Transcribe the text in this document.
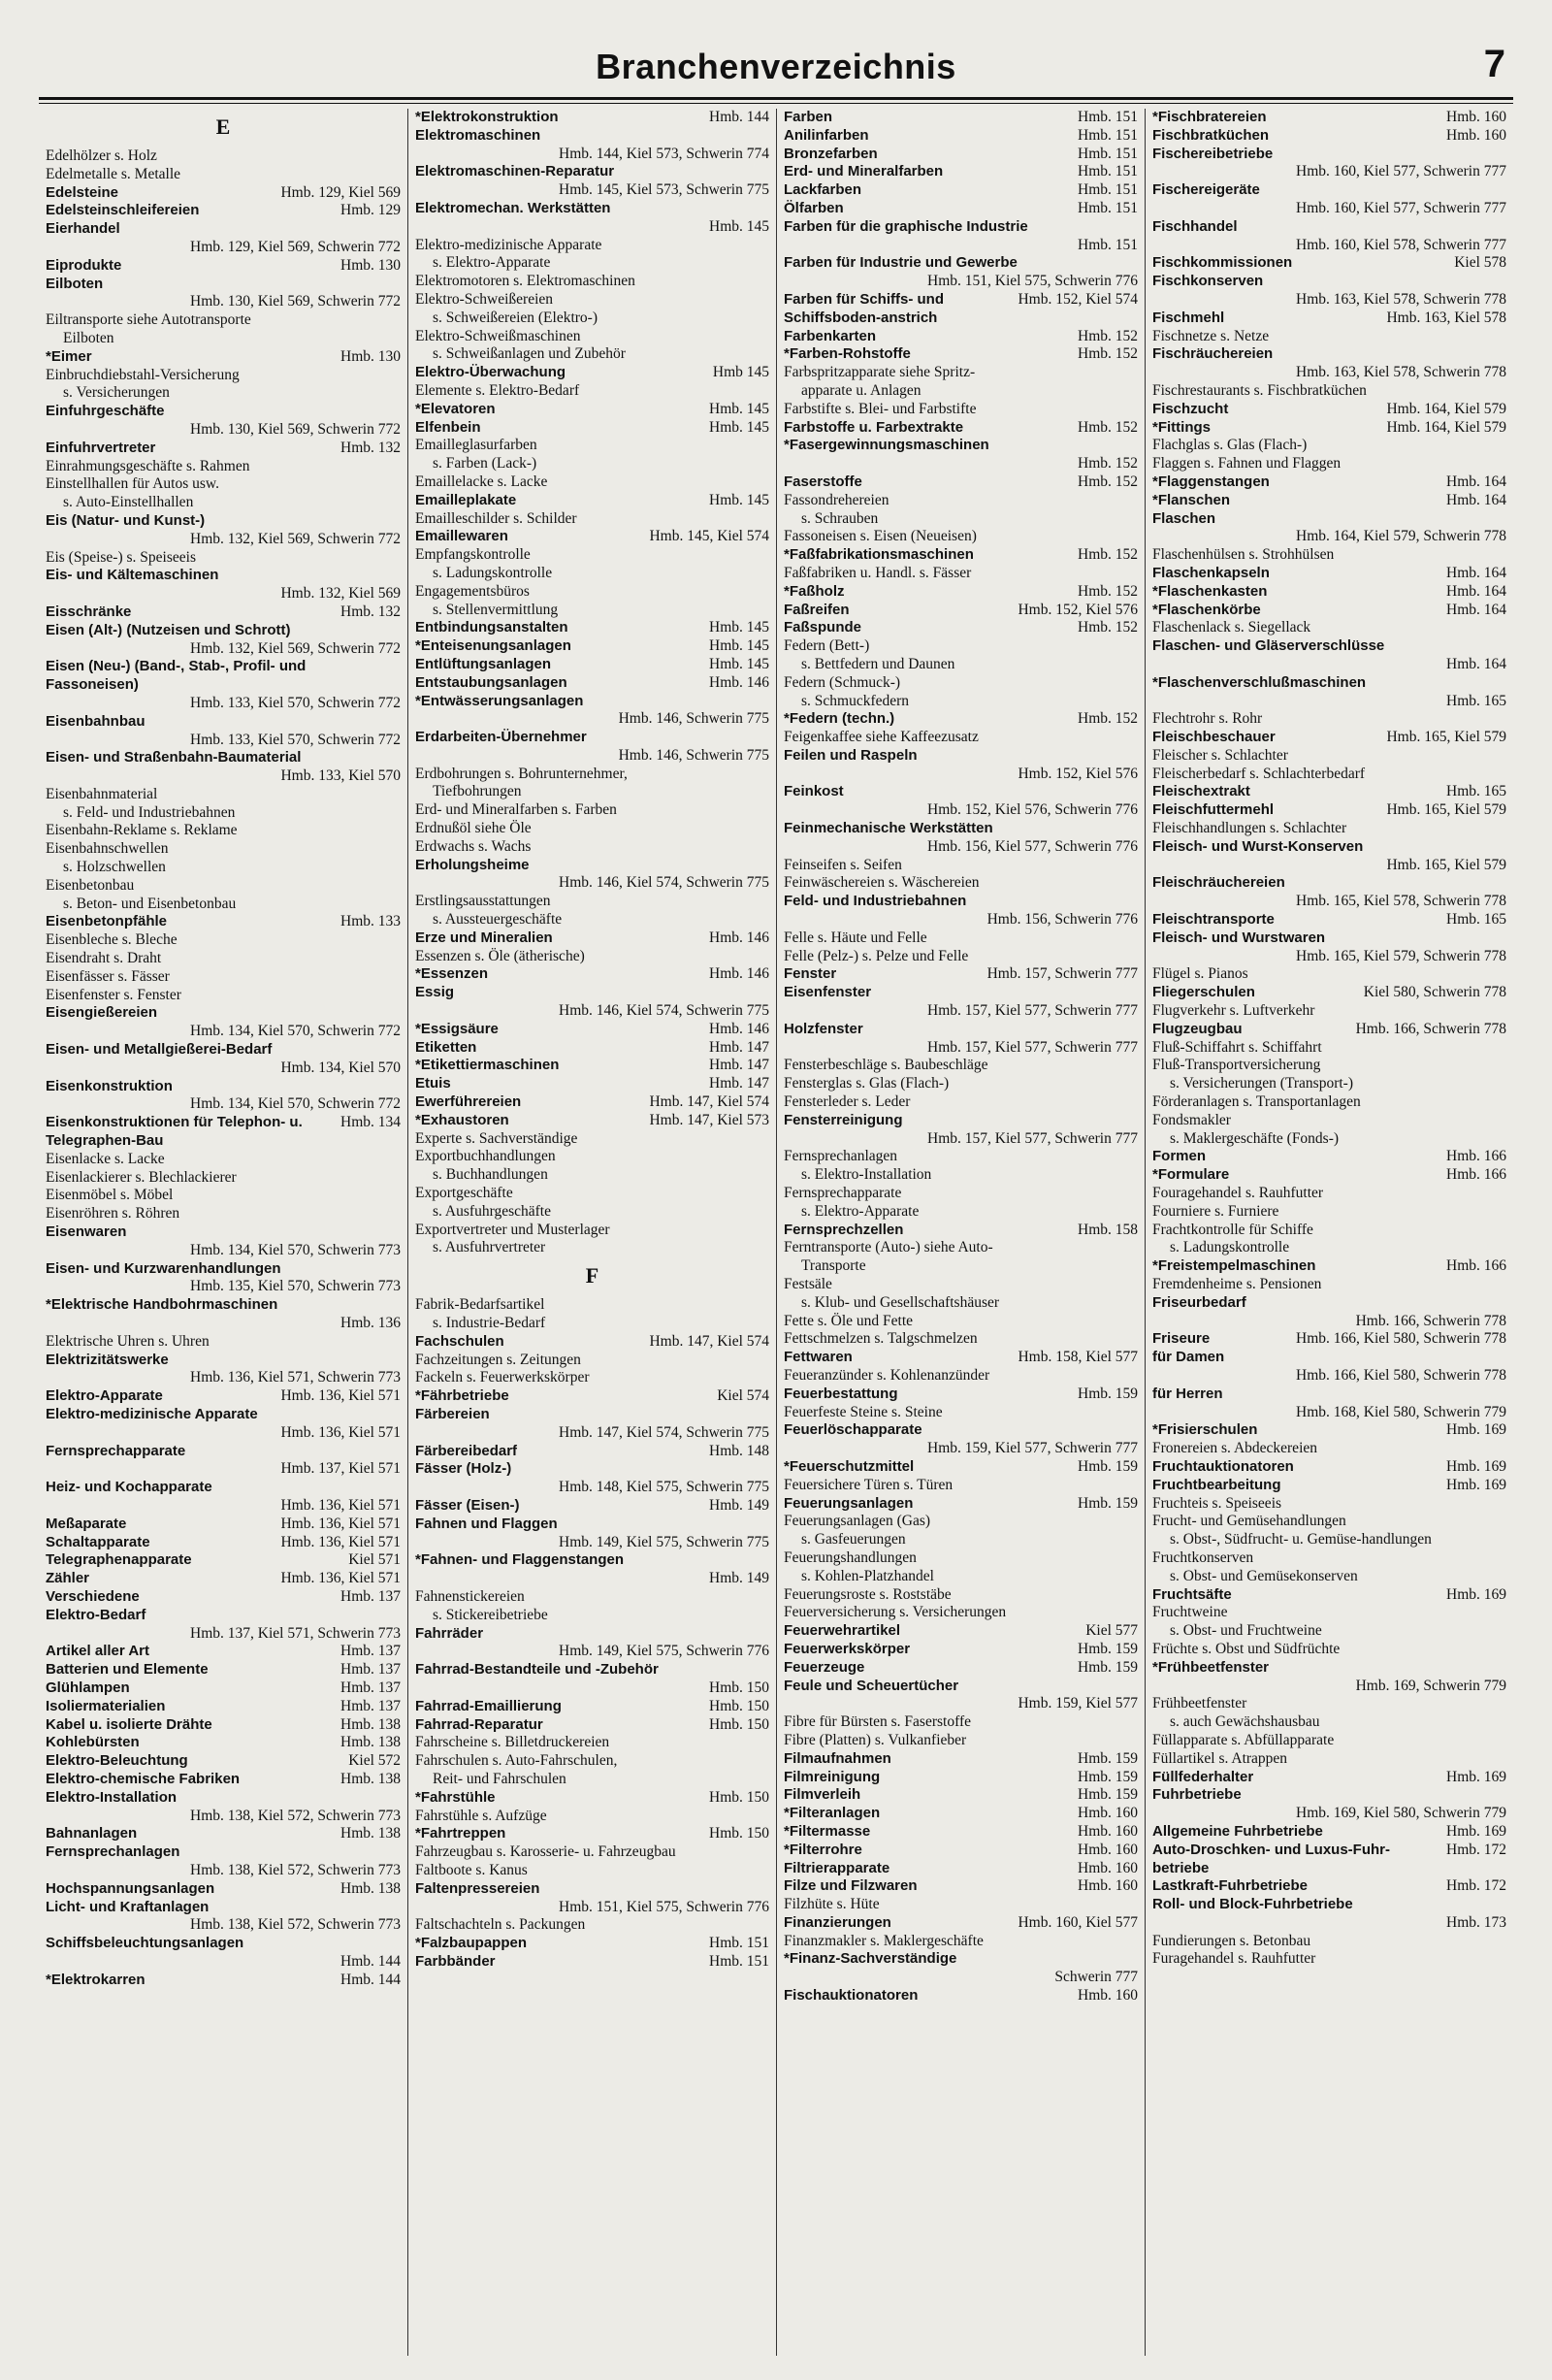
Branchenverzeichnis	7
E
Edelhölzer s. Holz
Edelmetalle s. Metalle
Hmb. 129, Kiel 569
Edelsteine
Hmb. 129
Edelsteinschleifereien
Eierhandel
Hmb. 129, Kiel 569, Schwerin 772
Hmb. 130
Eiprodukte
Eilboten
Hmb. 130, Kiel 569, Schwerin 772
Eiltransporte siehe Autotransporte
Eilboten
Hmb. 130
*Eimer
Einbruchdiebstahl-Versicherung
s. Versicherungen
Einfuhrgeschäfte
Hmb. 130, Kiel 569, Schwerin 772
Hmb. 132
Einfuhrvertreter
Einrahmungsgeschäfte s. Rahmen
Einstellhallen für Autos usw.
s. Auto-Einstellhallen
Eis (Natur- und Kunst-)
Hmb. 132, Kiel 569, Schwerin 772
Eis (Speise-) s. Speiseeis
Eis- und Kältemaschinen
Hmb. 132, Kiel 569
Hmb. 132
Eisschränke
Eisen (Alt-) (Nutzeisen und Schrott)
Hmb. 132, Kiel 569, Schwerin 772
Eisen (Neu-) (Band-, Stab-, Profil- und Fassoneisen)
Hmb. 133, Kiel 570, Schwerin 772
Eisenbahnbau
Hmb. 133, Kiel 570, Schwerin 772
Eisen- und Straßenbahn-Baumaterial
Hmb. 133, Kiel 570
Eisenbahnmaterial
s. Feld- und Industriebahnen
Eisenbahn-Reklame s. Reklame
Eisenbahnschwellen
s. Holzschwellen
Eisenbetonbau
s. Beton- und Eisenbetonbau
Hmb. 133
Eisenbetonpfähle
Eisenbleche s. Bleche
Eisendraht s. Draht
Eisenfässer s. Fässer
Eisenfenster s. Fenster
Eisengießereien
Hmb. 134, Kiel 570, Schwerin 772
Eisen- und Metallgießerei-Bedarf
Hmb. 134, Kiel 570
Eisenkonstruktion
Hmb. 134, Kiel 570, Schwerin 772
Hmb. 134
Eisenkonstruktionen für Telephon- u. Telegraphen-Bau
Eisenlacke s. Lacke
Eisenlackierer s. Blechlackierer
Eisenmöbel s. Möbel
Eisenröhren s. Röhren
Eisenwaren
Hmb. 134, Kiel 570, Schwerin 773
Eisen- und Kurzwarenhandlungen
Hmb. 135, Kiel 570, Schwerin 773
*Elektrische Handbohrmaschinen
Hmb. 136
Elektrische Uhren s. Uhren
Elektrizitätswerke
Hmb. 136, Kiel 571, Schwerin 773
Hmb. 136, Kiel 571
Elektro-Apparate
Elektro-medizinische Apparate
Hmb. 136, Kiel 571
Fernsprechapparate
Hmb. 137, Kiel 571
Heiz- und Kochapparate
Hmb. 136, Kiel 571
Hmb. 136, Kiel 571
Meßaparate
Hmb. 136, Kiel 571
Schaltapparate
Kiel 571
Telegraphenapparate
Hmb. 136, Kiel 571
Zähler
Hmb. 137
Verschiedene
Elektro-Bedarf
Hmb. 137, Kiel 571, Schwerin 773
Hmb. 137
Artikel aller Art
Hmb. 137
Batterien und Elemente
Hmb. 137
Glühlampen
Hmb. 137
Isoliermaterialien
Hmb. 138
Kabel u. isolierte Drähte
Hmb. 138
Kohlebürsten
Kiel 572
Elektro-Beleuchtung
Hmb. 138
Elektro-chemische Fabriken
Elektro-Installation
Hmb. 138, Kiel 572, Schwerin 773
Hmb. 138
Bahnanlagen
Fernsprechanlagen
Hmb. 138, Kiel 572, Schwerin 773
Hmb. 138
Hochspannungsanlagen
Licht- und Kraftanlagen
Hmb. 138, Kiel 572, Schwerin 773
Schiffsbeleuchtungsanlagen
Hmb. 144
Hmb. 144
*Elektrokarren
Hmb. 144
*Elektrokonstruktion
Elektromaschinen
Hmb. 144, Kiel 573, Schwerin 774
Elektromaschinen-Reparatur
Hmb. 145, Kiel 573, Schwerin 775
Elektromechan. Werkstätten
Hmb. 145
Elektro-medizinische Apparate
s. Elektro-Apparate
Elektromotoren s. Elektromaschinen
Elektro-Schweißereien
s. Schweißereien (Elektro-)
Elektro-Schweißmaschinen
s. Schweißanlagen und Zubehör
Hmb 145
Elektro-Überwachung
Elemente s. Elektro-Bedarf
Hmb. 145
*Elevatoren
Hmb. 145
Elfenbein
Emailleglasurfarben
s. Farben (Lack-)
Emaillelacke s. Lacke
Hmb. 145
Emailleplakate
Emailleschilder s. Schilder
Hmb. 145, Kiel 574
Emaillewaren
Empfangskontrolle
s. Ladungskontrolle
Engagementsbüros
s. Stellenvermittlung
Hmb. 145
Entbindungsanstalten
Hmb. 145
*Enteisenungsanlagen
Hmb. 145
Entlüftungsanlagen
Hmb. 146
Entstaubungsanlagen
*Entwässerungsanlagen
Hmb. 146, Schwerin 775
Erdarbeiten-Übernehmer
Hmb. 146, Schwerin 775
Erdbohrungen s. Bohrunternehmer,
Tiefbohrungen
Erd- und Mineralfarben s. Farben
Erdnußöl siehe Öle
Erdwachs s. Wachs
Erholungsheime
Hmb. 146, Kiel 574, Schwerin 775
Erstlingsausstattungen
s. Aussteuergeschäfte
Hmb. 146
Erze und Mineralien
Essenzen s. Öle (ätherische)
Hmb. 146
*Essenzen
Essig
Hmb. 146, Kiel 574, Schwerin 775
Hmb. 146
*Essigsäure
Hmb. 147
Etiketten
Hmb. 147
*Etikettiermaschinen
Hmb. 147
Etuis
Hmb. 147, Kiel 574
Ewerführereien
Hmb. 147, Kiel 573
*Exhaustoren
Experte s. Sachverständige
Exportbuchhandlungen
s. Buchhandlungen
Exportgeschäfte
s. Ausfuhrgeschäfte
Exportvertreter und Musterlager
s. Ausfuhrvertreter
F
Fabrik-Bedarfsartikel
s. Industrie-Bedarf
Hmb. 147, Kiel 574
Fachschulen
Fachzeitungen s. Zeitungen
Fackeln s. Feuerwerkskörper
Kiel 574
*Fährbetriebe
Färbereien
Hmb. 147, Kiel 574, Schwerin 775
Hmb. 148
Färbereibedarf
Fässer (Holz-)
Hmb. 148, Kiel 575, Schwerin 775
Hmb. 149
Fässer (Eisen-)
Fahnen und Flaggen
Hmb. 149, Kiel 575, Schwerin 775
*Fahnen- und Flaggenstangen
Hmb. 149
Fahnenstickereien
s. Stickereibetriebe
Fahrräder
Hmb. 149, Kiel 575, Schwerin 776
Fahrrad-Bestandteile und -Zubehör
Hmb. 150
Hmb. 150
Fahrrad-Emaillierung
Hmb. 150
Fahrrad-Reparatur
Fahrscheine s. Billetdruckereien
Fahrschulen s. Auto-Fahrschulen,
Reit- und Fahrschulen
Hmb. 150
*Fahrstühle
Fahrstühle s. Aufzüge
Hmb. 150
*Fahrtreppen
Fahrzeugbau s. Karosserie- u. Fahrzeugbau
Faltboote s. Kanus
Faltenpressereien
Hmb. 151, Kiel 575, Schwerin 776
Faltschachteln s. Packungen
Hmb. 151
*Falzbaupappen
Hmb. 151
Farbbänder
Hmb. 151
Farben
Hmb. 151
Anilinfarben
Hmb. 151
Bronzefarben
Hmb. 151
Erd- und Mineralfarben
Hmb. 151
Lackfarben
Hmb. 151
Ölfarben
Farben für die graphische Industrie
Hmb. 151
Farben für Industrie und Gewerbe
Hmb. 151, Kiel 575, Schwerin 776
Hmb. 152, Kiel 574
Farben für Schiffs- und Schiffsboden-anstrich
Hmb. 152
Farbenkarten
Hmb. 152
*Farben-Rohstoffe
Farbspritzapparate siehe Spritz-
apparate u. Anlagen
Farbstifte s. Blei- und Farbstifte
Hmb. 152
Farbstoffe u. Farbextrakte
*Fasergewinnungsmaschinen
Hmb. 152
Hmb. 152
Faserstoffe
Fassondrehereien
s. Schrauben
Fassoneisen s. Eisen (Neueisen)
Hmb. 152
*Faßfabrikationsmaschinen
Faßfabriken u. Handl. s. Fässer
Hmb. 152
*Faßholz
Hmb. 152, Kiel 576
Faßreifen
Hmb. 152
Faßspunde
Federn (Bett-)
s. Bettfedern und Daunen
Federn (Schmuck-)
s. Schmuckfedern
Hmb. 152
*Federn (techn.)
Feigenkaffee siehe Kaffeezusatz
Feilen und Raspeln
Hmb. 152, Kiel 576
Feinkost
Hmb. 152, Kiel 576, Schwerin 776
Feinmechanische Werkstätten
Hmb. 156, Kiel 577, Schwerin 776
Feinseifen s. Seifen
Feinwäschereien s. Wäschereien
Feld- und Industriebahnen
Hmb. 156, Schwerin 776
Felle s. Häute und Felle
Felle (Pelz-) s. Pelze und Felle
Hmb. 157, Schwerin 777
Fenster
Eisenfenster
Hmb. 157, Kiel 577, Schwerin 777
Holzfenster
Hmb. 157, Kiel 577, Schwerin 777
Fensterbeschläge s. Baubeschläge
Fensterglas s. Glas (Flach-)
Fensterleder s. Leder
Fensterreinigung
Hmb. 157, Kiel 577, Schwerin 777
Fernsprechanlagen
s. Elektro-Installation
Fernsprechapparate
s. Elektro-Apparate
Hmb. 158
Fernsprechzellen
Ferntransporte (Auto-) siehe Auto-
Transporte
Festsäle
s. Klub- und Gesellschaftshäuser
Fette s. Öle und Fette
Fettschmelzen s. Talgschmelzen
Hmb. 158, Kiel 577
Fettwaren
Feueranzünder s. Kohlenanzünder
Hmb. 159
Feuerbestattung
Feuerfeste Steine s. Steine
Feuerlöschapparate
Hmb. 159, Kiel 577, Schwerin 777
Hmb. 159
*Feuerschutzmittel
Feuersichere Türen s. Türen
Hmb. 159
Feuerungsanlagen
Feuerungsanlagen (Gas)
s. Gasfeuerungen
Feuerungshandlungen
s. Kohlen-Platzhandel
Feuerungsroste s. Roststäbe
Feuerversicherung s. Versicherungen
Kiel 577
Feuerwehrartikel
Hmb. 159
Feuerwerkskörper
Hmb. 159
Feuerzeuge
Feule und Scheuertücher
Hmb. 159, Kiel 577
Fibre für Bürsten s. Faserstoffe
Fibre (Platten) s. Vulkanfieber
Hmb. 159
Filmaufnahmen
Hmb. 159
Filmreinigung
Hmb. 159
Filmverleih
Hmb. 160
*Filteranlagen
Hmb. 160
*Filtermasse
Hmb. 160
*Filterrohre
Hmb. 160
Filtrierapparate
Hmb. 160
Filze und Filzwaren
Filzhüte s. Hüte
Hmb. 160, Kiel 577
Finanzierungen
Finanzmakler s. Maklergeschäfte
*Finanz-Sachverständige
Schwerin 777
Hmb. 160
Fischauktionatoren
Hmb. 160
*Fischbratereien
Hmb. 160
Fischbratküchen
Fischereibetriebe
Hmb. 160, Kiel 577, Schwerin 777
Fischereigeräte
Hmb. 160, Kiel 577, Schwerin 777
Fischhandel
Hmb. 160, Kiel 578, Schwerin 777
Kiel 578
Fischkommissionen
Fischkonserven
Hmb. 163, Kiel 578, Schwerin 778
Hmb. 163, Kiel 578
Fischmehl
Fischnetze s. Netze
Fischräuchereien
Hmb. 163, Kiel 578, Schwerin 778
Fischrestaurants s. Fischbratküchen
Hmb. 164, Kiel 579
Fischzucht
Hmb. 164, Kiel 579
*Fittings
Flachglas s. Glas (Flach-)
Flaggen s. Fahnen und Flaggen
Hmb. 164
*Flaggenstangen
Hmb. 164
*Flanschen
Flaschen
Hmb. 164, Kiel 579, Schwerin 778
Flaschenhülsen s. Strohhülsen
Hmb. 164
Flaschenkapseln
Hmb. 164
*Flaschenkasten
Hmb. 164
*Flaschenkörbe
Flaschenlack s. Siegellack
Flaschen- und Gläserverschlüsse
Hmb. 164
*Flaschenverschlußmaschinen
Hmb. 165
Flechtrohr s. Rohr
Hmb. 165, Kiel 579
Fleischbeschauer
Fleischer s. Schlachter
Fleischerbedarf s. Schlachterbedarf
Hmb. 165
Fleischextrakt
Hmb. 165, Kiel 579
Fleischfuttermehl
Fleischhandlungen s. Schlachter
Fleisch- und Wurst-Konserven
Hmb. 165, Kiel 579
Fleischräuchereien
Hmb. 165, Kiel 578, Schwerin 778
Hmb. 165
Fleischtransporte
Fleisch- und Wurstwaren
Hmb. 165, Kiel 579, Schwerin 778
Flügel s. Pianos
Kiel 580, Schwerin 778
Fliegerschulen
Flugverkehr s. Luftverkehr
Hmb. 166, Schwerin 778
Flugzeugbau
Fluß-Schiffahrt s. Schiffahrt
Fluß-Transportversicherung
s. Versicherungen (Transport-)
Förderanlagen s. Transportanlagen
Fondsmakler
s. Maklergeschäfte (Fonds-)
Hmb. 166
Formen
Hmb. 166
*Formulare
Fouragehandel s. Rauhfutter
Fourniere s. Furniere
Frachtkontrolle für Schiffe
s. Ladungskontrolle
Hmb. 166
*Freistempelmaschinen
Fremdenheime s. Pensionen
Friseurbedarf
Hmb. 166, Schwerin 778
Hmb. 166, Kiel 580, Schwerin 778
Friseure
für Damen
Hmb. 166, Kiel 580, Schwerin 778
für Herren
Hmb. 168, Kiel 580, Schwerin 779
Hmb. 169
*Frisierschulen
Fronereien s. Abdeckereien
Hmb. 169
Fruchtauktionatoren
Hmb. 169
Fruchtbearbeitung
Fruchteis s. Speiseeis
Frucht- und Gemüsehandlungen
s. Obst-, Südfrucht- u. Gemüse-handlungen
Fruchtkonserven
s. Obst- und Gemüsekonserven
Hmb. 169
Fruchtsäfte
Fruchtweine
s. Obst- und Fruchtweine
Früchte s. Obst und Südfrüchte
*Frühbeetfenster
Hmb. 169, Schwerin 779
Frühbeetfenster
s. auch Gewächshausbau
Füllapparate s. Abfüllapparate
Füllartikel s. Atrappen
Hmb. 169
Füllfederhalter
Fuhrbetriebe
Hmb. 169, Kiel 580, Schwerin 779
Hmb. 169
Allgemeine Fuhrbetriebe
Hmb. 172
Auto-Droschken- und Luxus-Fuhr-betriebe
Hmb. 172
Lastkraft-Fuhrbetriebe
Roll- und Block-Fuhrbetriebe
Hmb. 173
Fundierungen s. Betonbau
Furagehandel s. Rauhfutter
